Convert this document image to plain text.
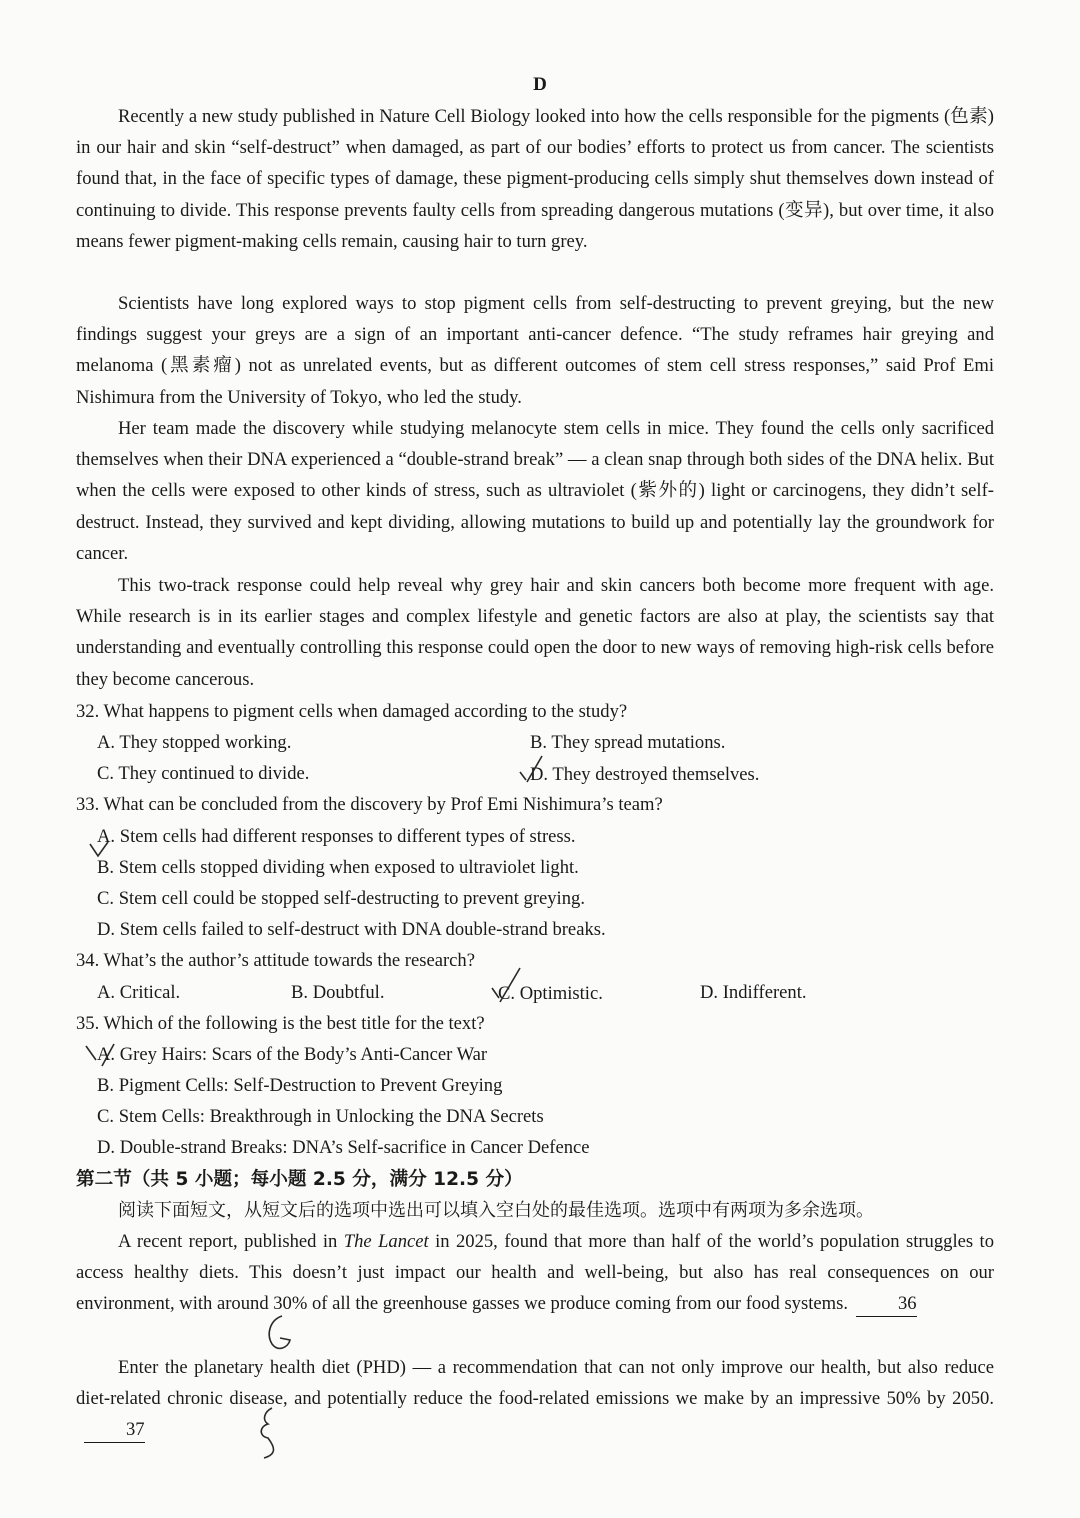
D

Recently a new study published in Nature Cell Biology looked into how the cells responsible for the pigments (色素) in our hair and skin “self-destruct” when damaged, as part of our bodies’ efforts to protect us from cancer. The scientists found that, in the face of specific types of damage, these pigment-producing cells simply shut themselves down instead of continuing to divide. This response prevents faulty cells from spreading dangerous mutations (变异), but over time, it also means fewer pigment-making cells remain, causing hair to turn grey.

Scientists have long explored ways to stop pigment cells from self-destructing to prevent greying, but the new findings suggest your greys are a sign of an important anti-cancer defence. “The study reframes hair greying and melanoma (黑素瘤) not as unrelated events, but as different outcomes of stem cell stress responses,” said Prof Emi Nishimura from the University of Tokyo, who led the study.

Her team made the discovery while studying melanocyte stem cells in mice. They found the cells only sacrificed themselves when their DNA experienced a “double-strand break” — a clean snap through both sides of the DNA helix. But when the cells were exposed to other kinds of stress, such as ultraviolet (紫外的) light or carcinogens, they didn’t self-destruct. Instead, they survived and kept dividing, allowing mutations to build up and potentially lay the groundwork for cancer.

This two-track response could help reveal why grey hair and skin cancers both become more frequent with age. While research is in its earlier stages and complex lifestyle and genetic factors are also at play, the scientists say that understanding and eventually controlling this response could open the door to new ways of removing high-risk cells before they become cancerous.

32. What happens to pigment cells when damaged according to the study?
A. They stopped working.	B. They spread mutations.
C. They continued to divide.	D. They destroyed themselves.
33. What can be concluded from the discovery by Prof Emi Nishimura’s team?
A. Stem cells had different responses to different types of stress.
B. Stem cells stopped dividing when exposed to ultraviolet light.
C. Stem cell could be stopped self-destructing to prevent greying.
D. Stem cells failed to self-destruct with DNA double-strand breaks.
34. What’s the author’s attitude towards the research?
A. Critical.	B. Doubtful.	C. Optimistic.	D. Indifferent.
35. Which of the following is the best title for the text?
A. Grey Hairs: Scars of the Body’s Anti-Cancer War
B. Pigment Cells: Self-Destruction to Prevent Greying
C. Stem Cells: Breakthrough in Unlocking the DNA Secrets
D. Double-strand Breaks: DNA’s Self-sacrifice in Cancer Defence
第二节（共 5 小题；每小题 2.5 分，满分 12.5 分）
阅读下面短文，从短文后的选项中选出可以填入空白处的最佳选项。选项中有两项为多余选项。

A recent report, published in The Lancet in 2025, found that more than half of the world’s population struggles to access healthy diets. This doesn’t just impact our health and well-being, but also has real consequences on our environment, with around 30% of all the greenhouse gasses we produce coming from our food systems.	36

Enter the planetary health diet (PHD) — a recommendation that can not only improve our health, but also reduce diet-related chronic disease, and potentially reduce the food-related emissions we make by an impressive 50% by 2050.37
